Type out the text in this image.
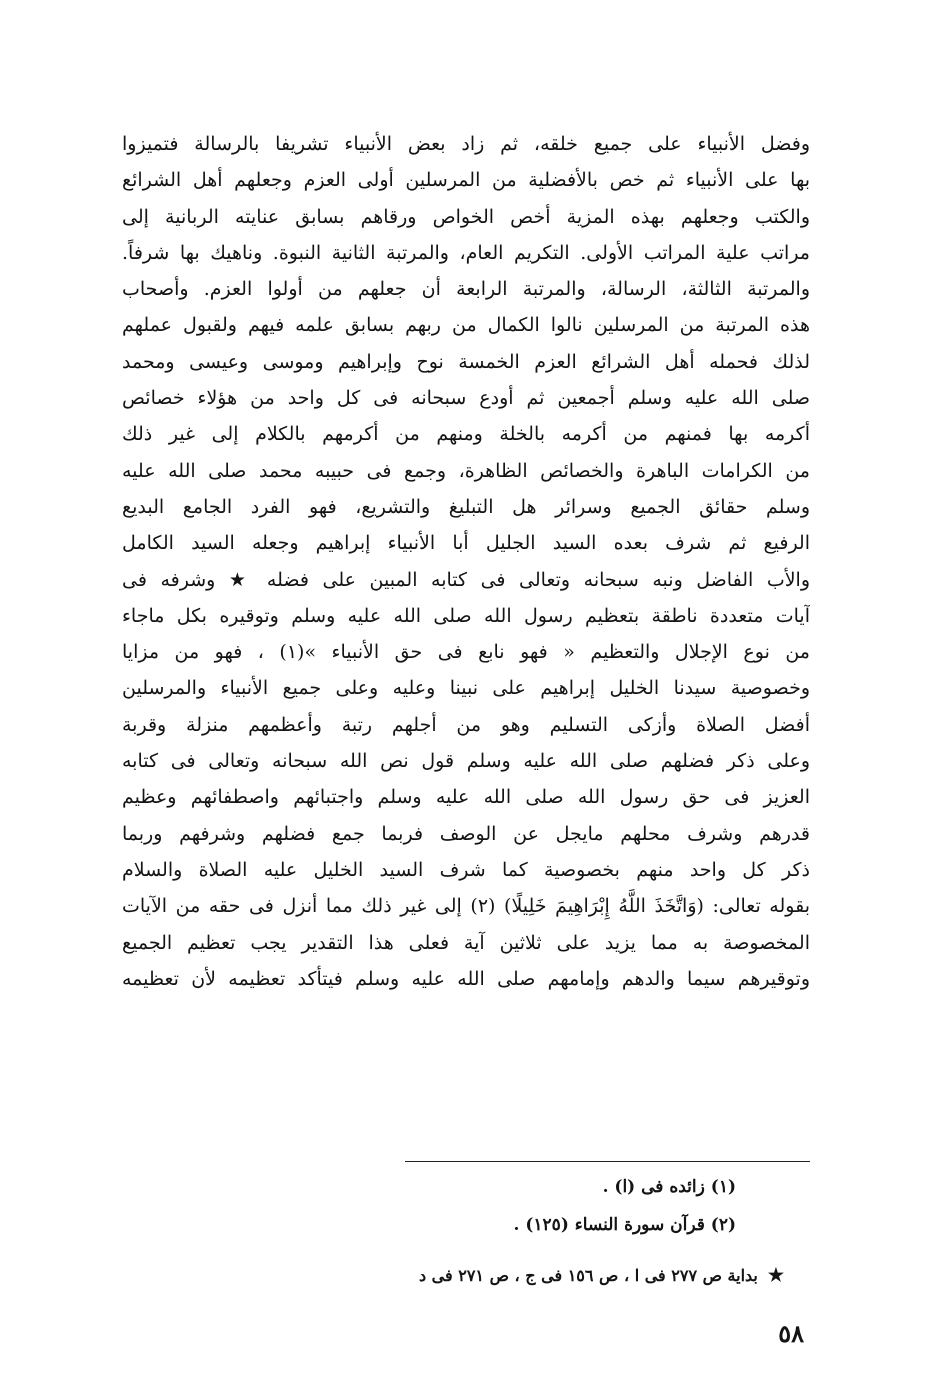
وفضل الأنبياء على جميع خلقه، ثم زاد بعض الأنبياء تشريفا بالرسالة فتميزوا
بها على الأنبياء ثم خص بالأفضلية من المرسلين أولى العزم وجعلهم أهل الشرائع
والكتب وجعلهم بهذه المزية أخص الخواص ورقاهم بسابق عنايته الربانية إلى
مراتب علية المراتب الأولى. التكريم العام، والمرتبة الثانية النبوة. وناهيك بها شرفاً.
والمرتبة الثالثة، الرسالة، والمرتبة الرابعة أن جعلهم من أولوا العزم. وأصحاب
هذه المرتبة من المرسلين نالوا الكمال من ربهم بسابق علمه فيهم ولقبول عملهم
لذلك فحمله أهل الشرائع العزم الخمسة نوح وإبراهيم وموسى وعيسى ومحمد
صلى الله عليه وسلم أجمعين ثم أودع سبحانه فى كل واحد من هؤلاء خصائص
أكرمه بها فمنهم من أكرمه بالخلة ومنهم من أكرمهم بالكلام إلى غير ذلك
من الكرامات الباهرة والخصائص الظاهرة، وجمع فى حبيبه محمد صلى الله عليه
وسلم حقائق الجميع وسرائر هل التبليغ والتشريع، فهو الفرد الجامع البديع
الرفيع ثم شرف بعده السيد الجليل أبا الأنبياء إبراهيم وجعله السيد الكامل
والأب الفاضل ونبه سبحانه وتعالى فى كتابه المبين على فضله ★ وشرفه فى
آيات متعددة ناطقة بتعظيم رسول الله صلى الله عليه وسلم وتوقيره بكل ماجاء
من نوع الإجلال والتعظيم « فهو نابع فى حق الأنبياء »(١) ، فهو من مزايا
وخصوصية سيدنا الخليل إبراهيم على نبينا وعليه وعلى جميع الأنبياء والمرسلين
أفضل الصلاة وأزكى التسليم وهو من أجلهم رتبة وأعظمهم منزلة وقربة
وعلى ذكر فضلهم صلى الله عليه وسلم قول نص الله سبحانه وتعالى فى كتابه
العزيز فى حق رسول الله صلى الله عليه وسلم واجتبائهم واصطفائهم وعظيم
قدرهم وشرف محلهم مايجل عن الوصف فربما جمع فضلهم وشرفهم وربما
ذكر كل واحد منهم بخصوصية كما شرف السيد الخليل عليه الصلاة والسلام
بقوله تعالى: (وَاتَّخَذَ اللَّهُ إِبْرَاهِيمَ خَلِيلًا) (٢) إلى غير ذلك مما أنزل فى حقه من الآيات
المخصوصة به مما يزيد على ثلاثين آية فعلى هذا التقدير يجب تعظيم الجميع
وتوقيرهم سيما والدهم وإمامهم صلى الله عليه وسلم فيتأكد تعظيمه لأن تعظيمه
(١) زائده فى (ا) .
(٢) قرآن سورة النساء (١٢٥) .
★بداية ص ٢٧٧ فى ا ، ص ١٥٦ فى ج ، ص ٢٧١ فى د
٥٨
